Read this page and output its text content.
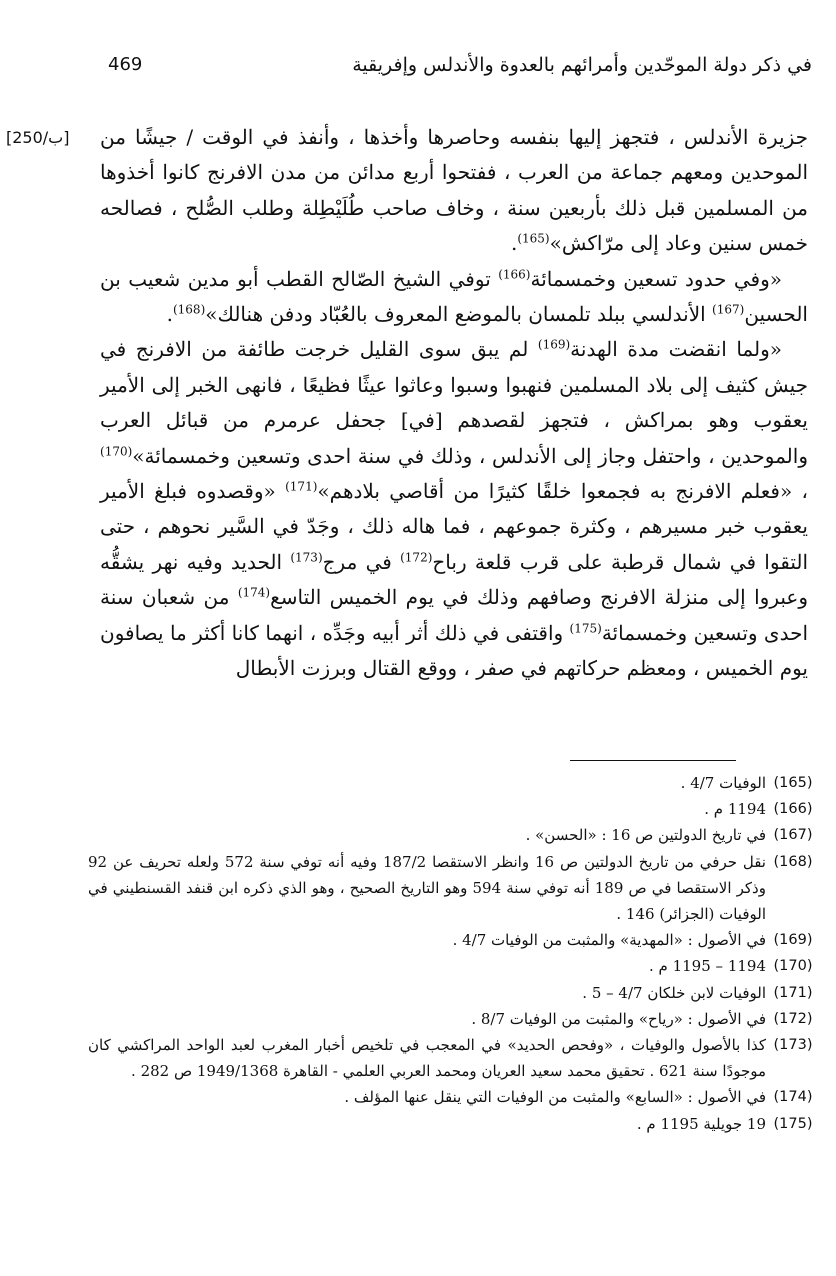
في ذكر دولة الموحّدين وأمرائهم بالعدوة والأندلس وإفريقية
469
[250/ب] جزيرة الأندلس ، فتجهز إليها بنفسه وحاصرها وأخذها ، وأنفذ في الوقت / جيشًا من الموحدين ومعهم جماعة من العرب ، ففتحوا أربع مدائن من مدن الافرنج كانوا أخذوها من المسلمين قبل ذلك بأربعين سنة ، وخاف صاحب طُلَيْطِلة وطلب الصُّلح ، فصالحه خمس سنين وعاد إلى مرّاكش»$^{(165)}$.

«وفي حدود تسعين وخمسمائة$^{(166)}$ توفي الشيخ الصّالح القطب أبو مدين شعيب بن الحسين$^{(167)}$ الأندلسي ببلد تلمسان بالموضع المعروف بالعُبّاد ودفن هنالك»$^{(168)}$.

«ولما انقضت مدة الهدنة$^{(169)}$ لم يبق سوى القليل خرجت طائفة من الافرنج في جيش كثيف إلى بلاد المسلمين فنهبوا وسبوا وعاثوا عيثًا فظيعًا ، فانهى الخبر إلى الأمير يعقوب وهو بمراكش ، فتجهز لقصدهم [في] جحفل عرمرم من قبائل العرب والموحدين ، واحتفل وجاز إلى الأندلس ، وذلك في سنة احدى وتسعين وخمسمائة»$^{(170)}$ ، «فعلم الافرنج به فجمعوا خلقًا كثيرًا من أقاصي بلادهم»$^{(171)}$ «وقصدوه فبلغ الأمير يعقوب خبر مسيرهم ، وكثرة جموعهم ، فما هاله ذلك ، وجَدّ في السَّير نحوهم ، حتى التقوا في شمال قرطبة على قرب قلعة رباح$^{(172)}$ في مرج$^{(173)}$ الحديد وفيه نهر يشقُّه وعبروا إلى منزلة الافرنج وصافهم وذلك في يوم الخميس التاسع$^{(174)}$ من شعبان سنة احدى وتسعين وخمسمائة$^{(175)}$ واقتفى في ذلك أثر أبيه وجَدِّه ، انهما كانا أكثر ما يصافون يوم الخميس ، ومعظم حركاتهم في صفر ، ووقع القتال وبرزت الأبطال

(165)
الوفيات 4/7 .
(166)
1194 م .
(167)
في تاريخ الدولتين ص 16 : «الحسن» .
(168)
نقل حرفي من تاريخ الدولتين ص 16 وانظر الاستقصا 187/2 وفيه أنه توفي سنة 572 ولعله تحريف عن 92 وذكر الاستقصا في ص 189 أنه توفي سنة 594 وهو التاريخ الصحيح ، وهو الذي ذكره ابن قنفد القسنطيني في الوفيات (الجزائر) 146 .
(169)
في الأصول : «المهدية» والمثبت من الوفيات 4/7 .
(170)
1194 – 1195 م .
(171)
الوفيات لابن خلكان 4/7 – 5 .
(172)
في الأصول : «رياح» والمثبت من الوفيات 8/7 .
(173)
كذا بالأصول والوفيات ، «وفحص الحديد» في المعجب في تلخيص أخبار المغرب لعبد الواحد المراكشي كان موجودًا سنة 621 . تحقيق محمد سعيد العريان ومحمد العربي العلمي - القاهرة 1949/1368 ص 282 .
(174)
في الأصول : «السابع» والمثبت من الوفيات التي ينقل عنها المؤلف .
(175)
19 جويلية 1195 م .
